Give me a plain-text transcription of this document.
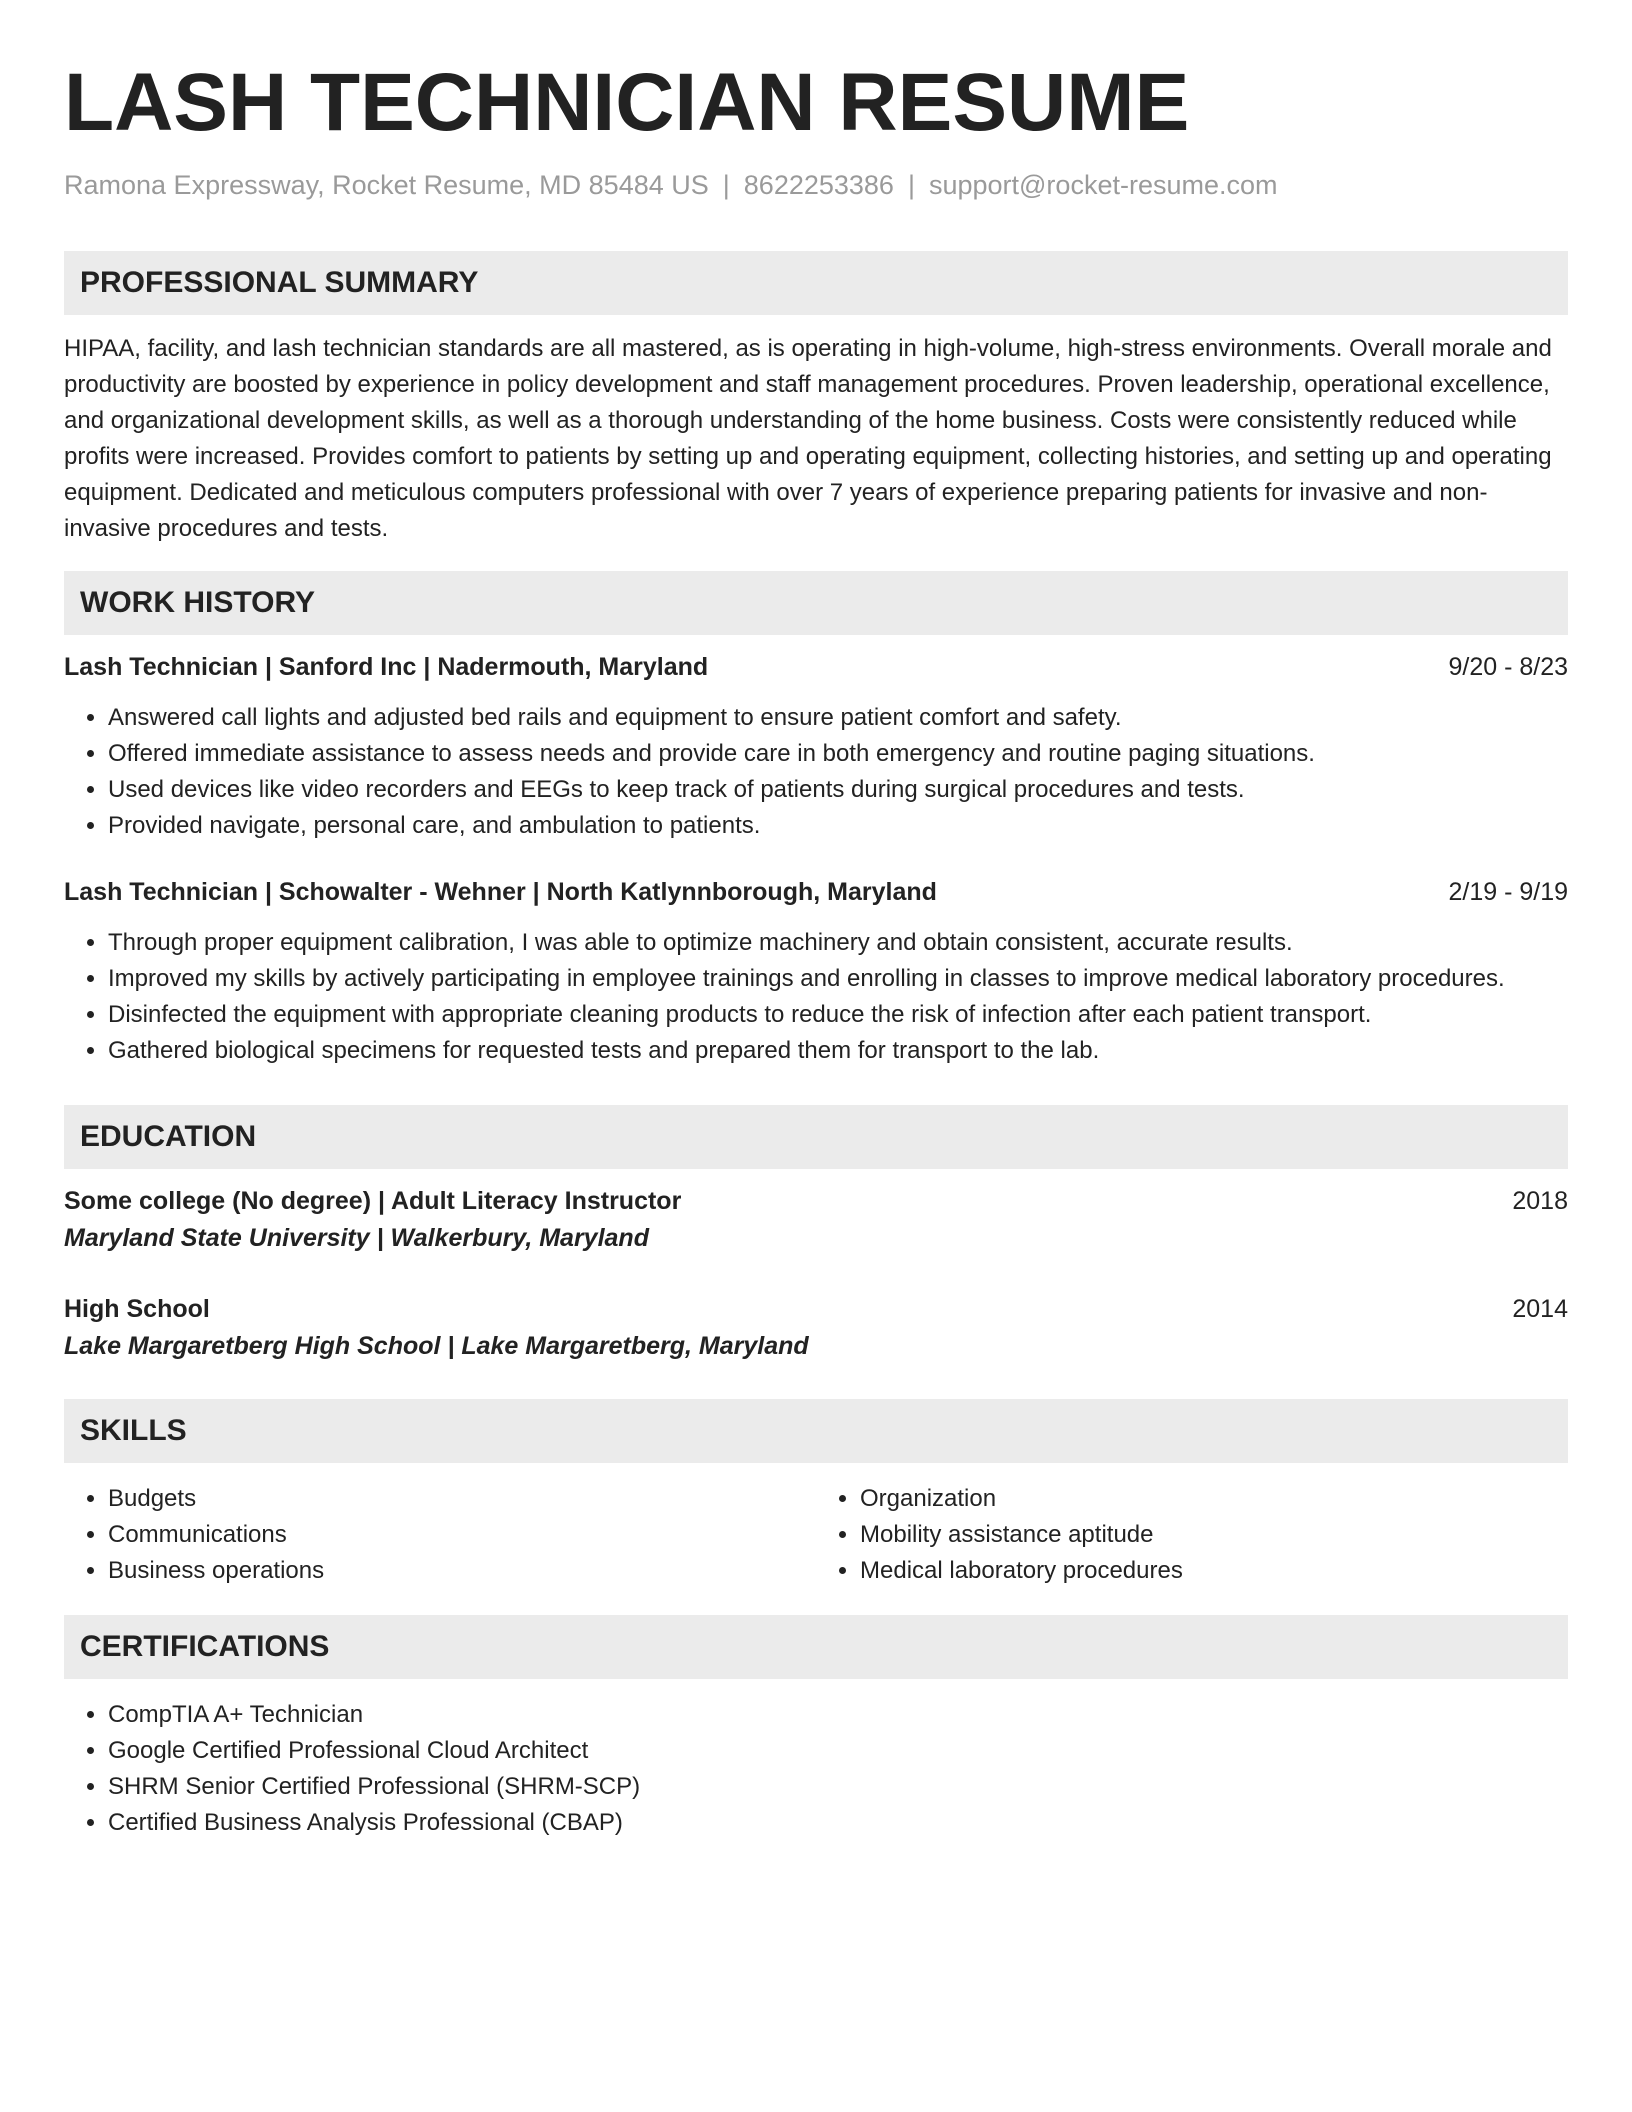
LASH TECHNICIAN RESUME
Ramona Expressway, Rocket Resume, MD 85484 US | 8622253386 | support@rocket-resume.com
PROFESSIONAL SUMMARY
HIPAA, facility, and lash technician standards are all mastered, as is operating in high-volume, high-stress environments. Overall morale and productivity are boosted by experience in policy development and staff management procedures. Proven leadership, operational excellence, and organizational development skills, as well as a thorough understanding of the home business. Costs were consistently reduced while profits were increased. Provides comfort to patients by setting up and operating equipment, collecting histories, and setting up and operating equipment. Dedicated and meticulous computers professional with over 7 years of experience preparing patients for invasive and non-invasive procedures and tests.
WORK HISTORY
Lash Technician | Sanford Inc | Nadermouth, Maryland	9/20 - 8/23
• Answered call lights and adjusted bed rails and equipment to ensure patient comfort and safety.
• Offered immediate assistance to assess needs and provide care in both emergency and routine paging situations.
• Used devices like video recorders and EEGs to keep track of patients during surgical procedures and tests.
• Provided navigate, personal care, and ambulation to patients.
Lash Technician | Schowalter - Wehner | North Katlynnborough, Maryland	2/19 - 9/19
• Through proper equipment calibration, I was able to optimize machinery and obtain consistent, accurate results.
• Improved my skills by actively participating in employee trainings and enrolling in classes to improve medical laboratory procedures.
• Disinfected the equipment with appropriate cleaning products to reduce the risk of infection after each patient transport.
• Gathered biological specimens for requested tests and prepared them for transport to the lab.
EDUCATION
Some college (No degree) | Adult Literacy Instructor	2018
Maryland State University | Walkerbury, Maryland
High School	2014
Lake Margaretberg High School | Lake Margaretberg, Maryland
SKILLS
• Budgets
• Communications
• Business operations
• Organization
• Mobility assistance aptitude
• Medical laboratory procedures
CERTIFICATIONS
• CompTIA A+ Technician
• Google Certified Professional Cloud Architect
• SHRM Senior Certified Professional (SHRM-SCP)
• Certified Business Analysis Professional (CBAP)
